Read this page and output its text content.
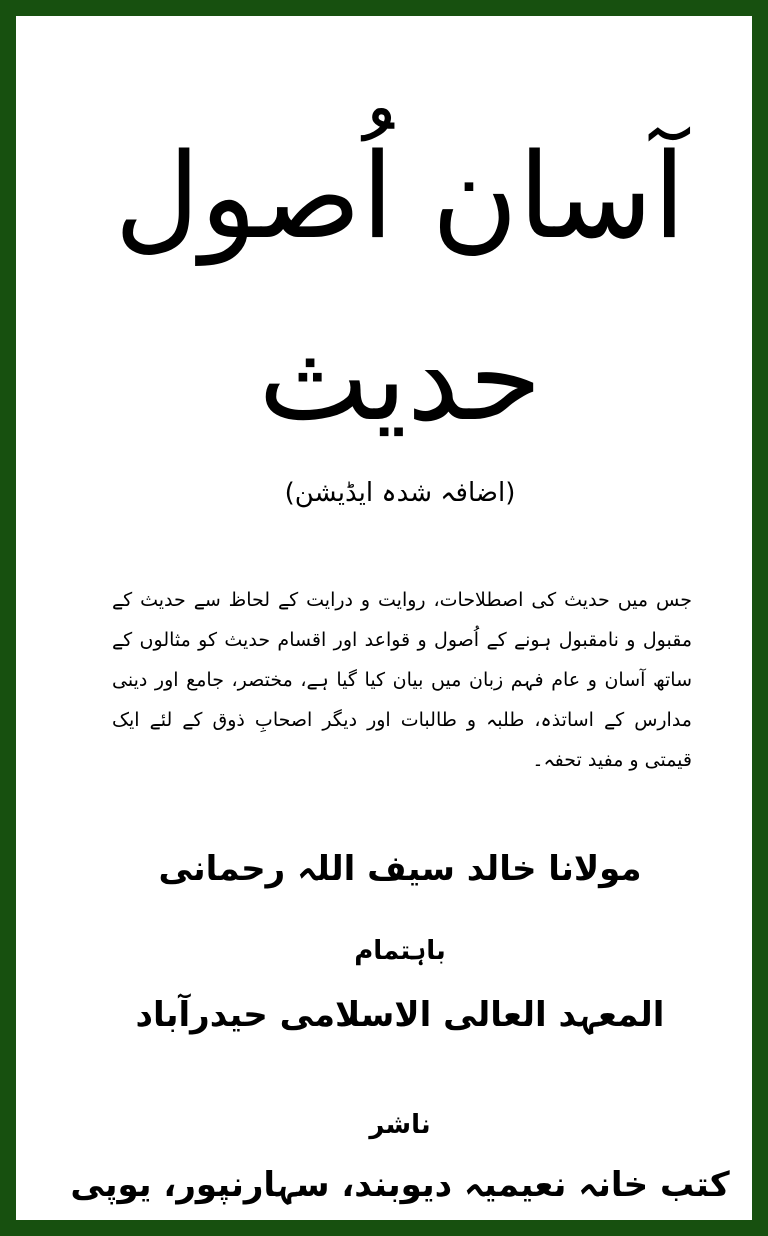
آسان اُصول
حدیث
(اضافہ شدہ ایڈیشن)
جس میں حدیث کی اصطلاحات، روایت و درایت کے لحاظ سے حدیث کے مقبول و نامقبول ہونے کے اُصول و قواعد اور اقسام حدیث کو مثالوں کے ساتھ آسان و عام فہم زبان میں بیان کیا گیا ہے، مختصر، جامع اور دینی مدارس کے اساتذہ، طلبہ و طالبات اور دیگر اصحابِ ذوق کے لئے ایک قیمتی و مفید تحفہ۔
مولانا خالد سیف اللہ رحمانی
باہتمام
المعہد العالی الاسلامی حیدرآباد
ناشر
کتب خانہ نعیمیہ دیوبند، سہارنپور، یوپی
